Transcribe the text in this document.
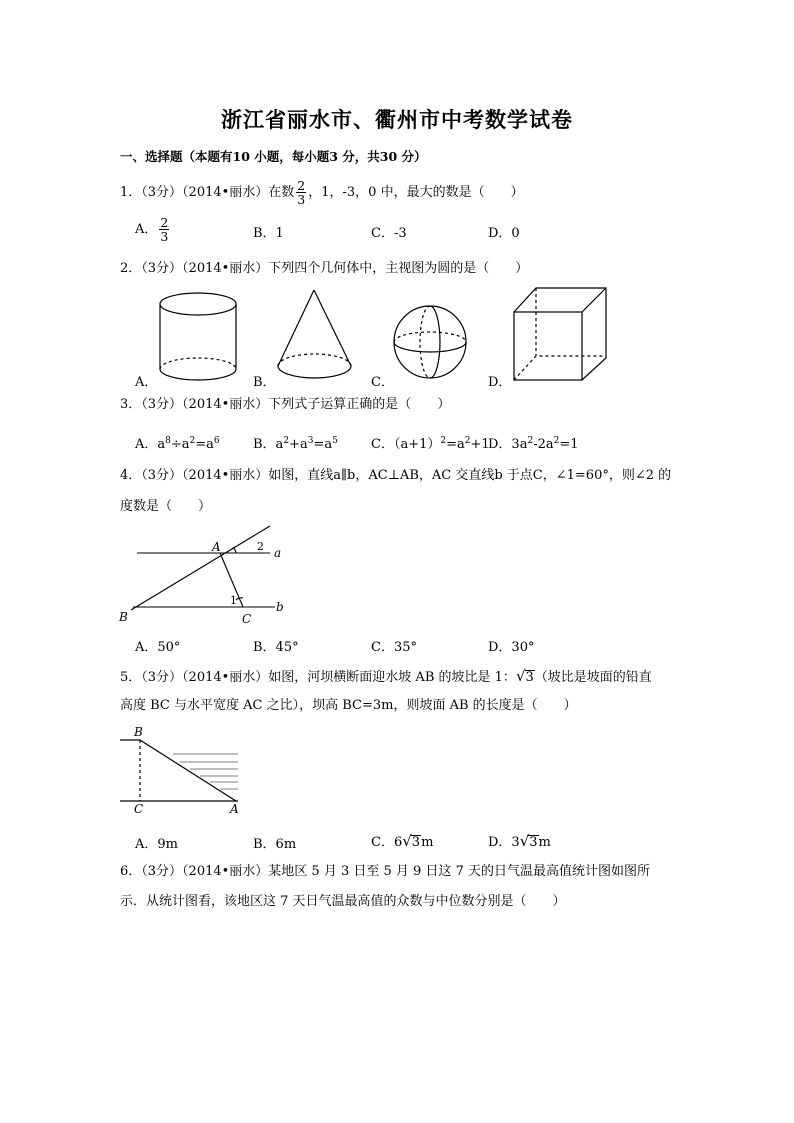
浙江省丽水市、衢州市中考数学试卷
一、选择题（本题有10 小题，每小题3 分，共30 分）
1．（3分）（2014•丽水）在数 $\frac{2}{3}$ ，1，-3，0 中，最大的数是（　　）
A． $\frac{2}{3}$	B．1	C．-3	D．0
2．（3分）（2014•丽水）下列四个几何体中，主视图为圆的是（　　）
A．	B．	C．	D．
3．（3分）（2014•丽水）下列式子运算正确的是（　　）
A．$a^8\div a^2=a^6$	B．$a^2+a^3=a^5$	C．$(a+1)^2=a^2+1$
D．$3a^2-2a^2=1$
4．（3分）（2014•丽水）如图，直线a∥b，AC⊥AB，AC 交直线b 于点C，∠1=60°，则∠2 的
度数是（　　）
A
B	C
a
b
2
1
A．50°	B．45°	C．35°	D．30°
5．（3分）（2014•丽水）如图，河坝横断面迎水坡 AB 的坡比是 1：√3（坡比是坡面的铅直
高度 BC 与水平宽度 AC 之比），坝高 BC=3m，则坡面 AB 的长度是（　　）
B
C	A
A．9m	B．6m	C．6√3m	D．3√3m
6．（3分）（2014•丽水）某地区 5 月 3 日至 5 月 9 日这 7 天的日气温最高值统计图如图所
示．从统计图看，该地区这 7 天日气温最高值的众数与中位数分别是（　　）
